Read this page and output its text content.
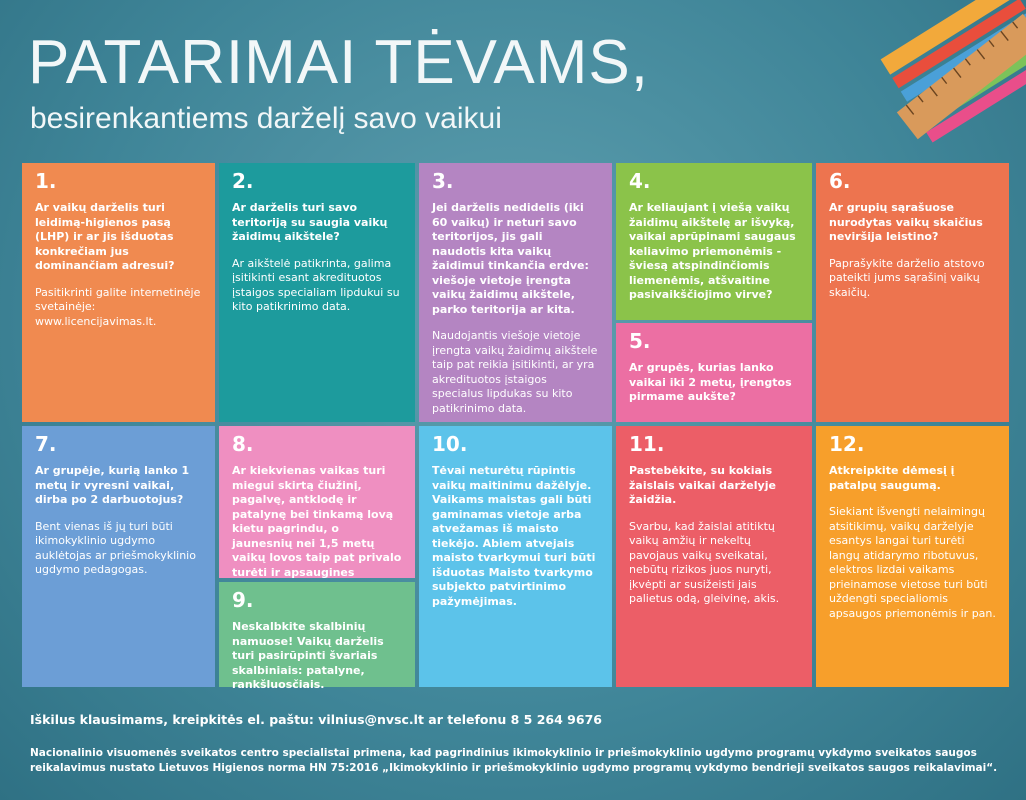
PATARIMAI TĖVAMS,
besirenkantiems darželį savo vaikui
1.
Ar vaikų darželis turi leidimą-higienos pasą (LHP) ir ar jis išduotas konkrečiam jus dominančiam adresui?
Pasitikrinti galite internetinėje svetainėje: www.licencijavimas.lt.
2.
Ar darželis turi savo teritoriją su saugia vaikų žaidimų aikštele?
Ar aikštelė patikrinta, galima įsitikinti esant akredituotos įstaigos specialiam lipdukui su kito patikrinimo data.
3.
Jei darželis nedidelis (iki 60 vaikų) ir neturi savo teritorijos, jis gali naudotis kita vaikų žaidimui tinkančia erdve: viešoje vietoje įrengta vaikų žaidimų aikštele, parko teritorija ar kita.
Naudojantis viešoje vietoje įrengta vaikų žaidimų aikštele taip pat reikia įsitikinti, ar yra akredituotos įstaigos specialus lipdukas su kito patikrinimo data.
4.
Ar keliaujant į viešą vaikų žaidimų aikštelę ar išvyką, vaikai aprūpinami saugaus keliavimo priemonėmis - šviesą atspindinčiomis liemenėmis, atšvaitine pasivaikščiojimo virve?
5.
Ar grupės, kurias lanko vaikai iki 2 metų, įrengtos pirmame aukšte?
6.
Ar grupių sąrašuose nurodytas vaikų skaičius neviršija leistino?
Paprašykite darželio atstovo pateikti jums sąrašinį vaikų skaičių.
7.
Ar grupėje, kurią lanko 1 metų ir vyresni vaikai, dirba po 2 darbuotojus?
Bent vienas iš jų turi būti ikimokyklinio ugdymo auklėtojas ar priešmokyklinio ugdymo pedagogas.
8.
Ar kiekvienas vaikas turi miegui skirtą čiužinį, pagalvę, antklodę ir patalynę bei tinkamą lovą kietu pagrindu, o jaunesnių nei 1,5 metų vaikų lovos taip pat privalo turėti ir apsaugines
9.
Neskalbkite skalbinių namuose! Vaikų darželis turi pasirūpinti švariais skalbiniais: patalyne, rankšluosčiais.
10.
Tėvai neturėtų rūpintis vaikų maitinimu dažėlyje. Vaikams maistas gali būti gaminamas vietoje arba atvežamas iš maisto tiekėjo. Abiem atvejais maisto tvarkymui turi būti išduotas Maisto tvarkymo subjekto patvirtinimo pažymėjimas.
11.
Pastebėkite, su kokiais žaislais vaikai darželyje žaidžia.
Svarbu, kad žaislai atitiktų vaikų amžių ir nekeltų pavojaus vaikų sveikatai, nebūtų rizikos juos nuryti, įkvėpti ar susižeisti jais palietus odą, gleivinę, akis.
12.
Atkreipkite dėmesį į patalpų saugumą.
Siekiant išvengti nelaimingų atsitikimų, vaikų darželyje esantys langai turi turėti langų atidarymo ribotuvus, elektros lizdai vaikams prieinamose vietose turi būti uždengti specialiomis apsaugos priemonėmis ir pan.

Iškilus klausimams, kreipkitės el. paštu: vilnius@nvsc.lt ar telefonu 8 5 264 9676

Nacionalinio visuomenės sveikatos centro specialistai primena, kad pagrindinius ikimokyklinio ir priešmokyklinio ugdymo programų vykdymo sveikatos saugos reikalavimus nustato Lietuvos Higienos norma HN 75:2016 „Ikimokyklinio ir priešmokyklinio ugdymo programų vykdymo bendrieji sveikatos saugos reikalavimai“.
